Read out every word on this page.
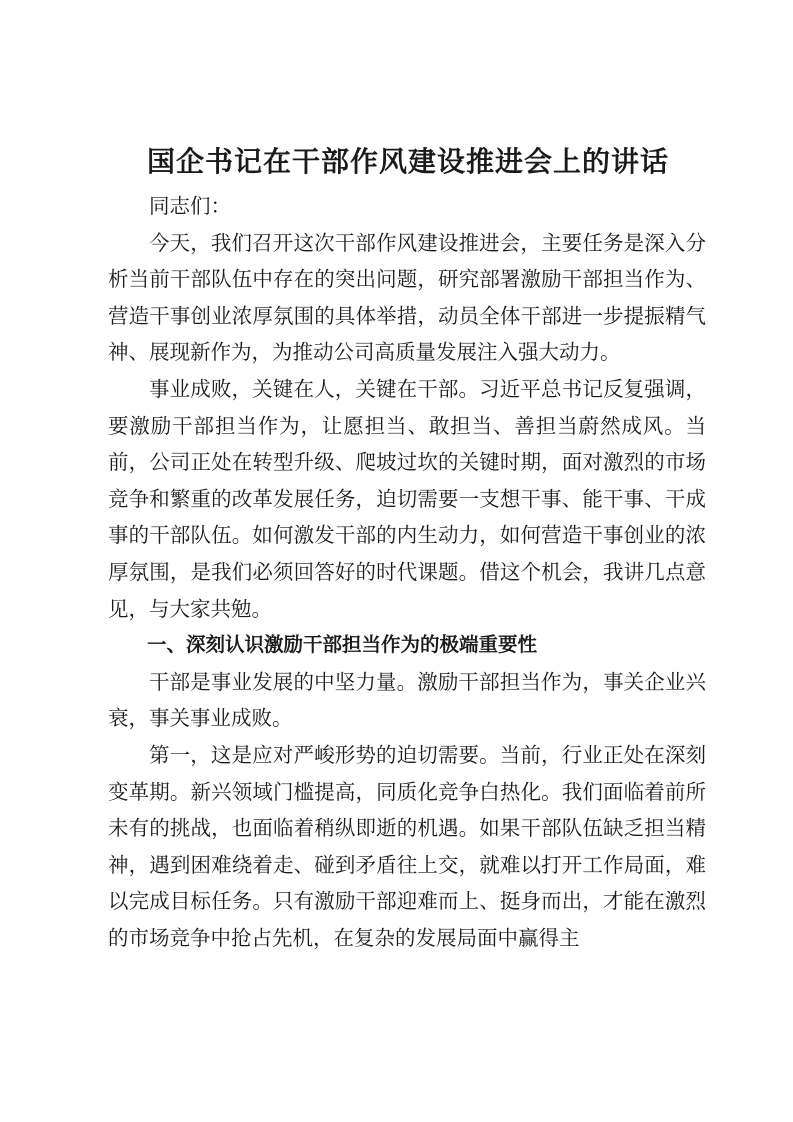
国企书记在干部作风建设推进会上的讲话

同志们：

今天，我们召开这次干部作风建设推进会，主要任务是深入分析当前干部队伍中存在的突出问题，研究部署激励干部担当作为、营造干事创业浓厚氛围的具体举措，动员全体干部进一步提振精气神、展现新作为，为推动公司高质量发展注入强大动力。

事业成败，关键在人，关键在干部。习近平总书记反复强调，要激励干部担当作为，让愿担当、敢担当、善担当蔚然成风。当前，公司正处在转型升级、爬坡过坎的关键时期，面对激烈的市场竞争和繁重的改革发展任务，迫切需要一支想干事、能干事、干成事的干部队伍。如何激发干部的内生动力，如何营造干事创业的浓厚氛围，是我们必须回答好的时代课题。借这个机会，我讲几点意见，与大家共勉。

一、深刻认识激励干部担当作为的极端重要性

干部是事业发展的中坚力量。激励干部担当作为，事关企业兴衰，事关事业成败。

第一，这是应对严峻形势的迫切需要。当前，行业正处在深刻变革期。新兴领域门槛提高，同质化竞争白热化。我们面临着前所未有的挑战，也面临着稍纵即逝的机遇。如果干部队伍缺乏担当精神，遇到困难绕着走、碰到矛盾往上交，就难以打开工作局面，难以完成目标任务。只有激励干部迎难而上、挺身而出，才能在激烈的市场竞争中抢占先机，在复杂的发展局面中赢得主
